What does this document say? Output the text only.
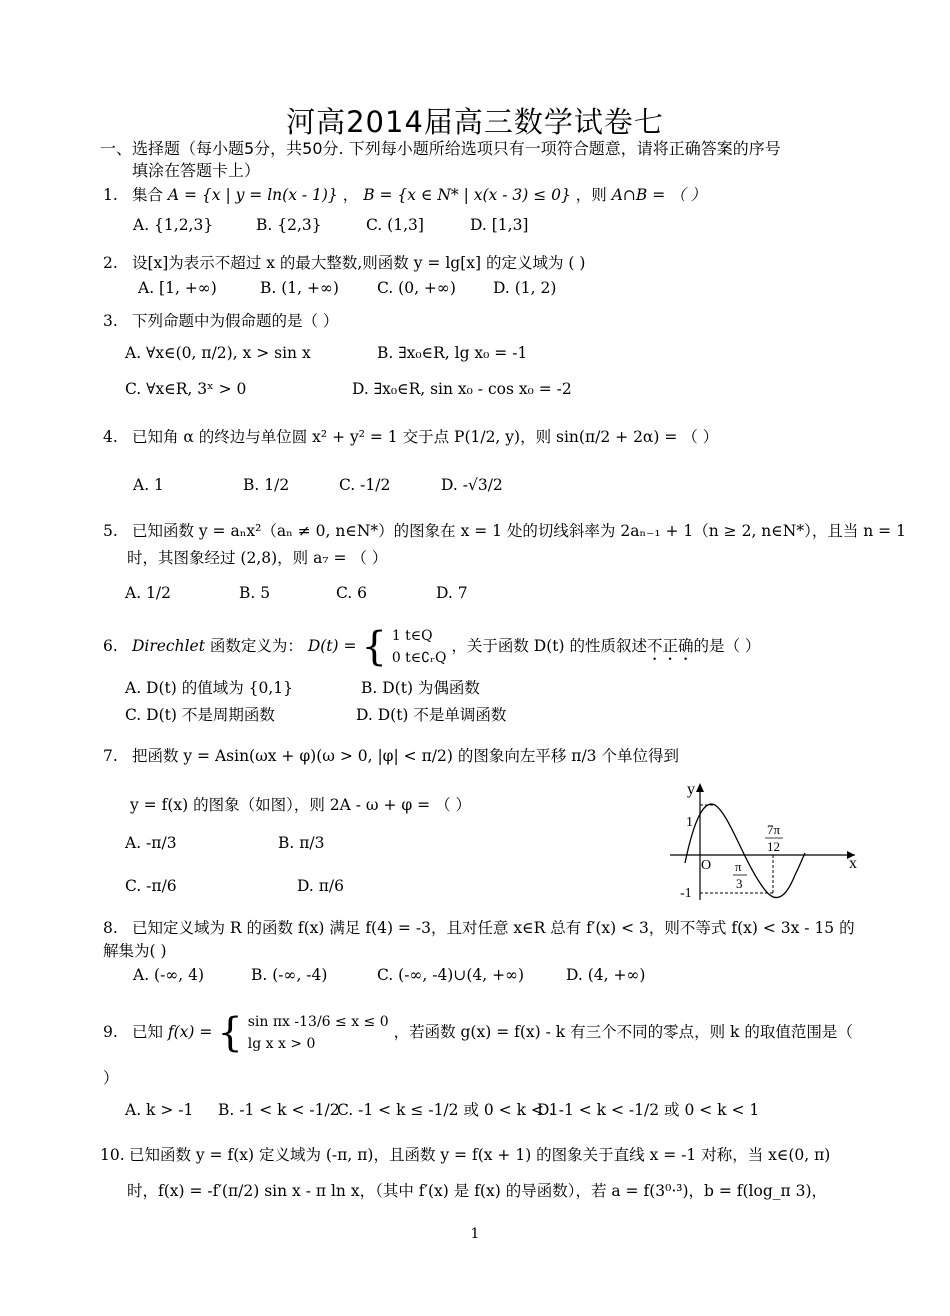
河高2014届高三数学试卷七
一、选择题（每小题5分，共50分. 下列每小题所给选项只有一项符合题意，请将正确答案的序号
填涂在答题卡上）
1. 集合 A = {x | y = ln(x - 1)} ， B = {x ∈ N* | x(x - 3) ≤ 0} ，则 A∩B = （ ）
A. {1,2,3}	B. {2,3}	C. (1,3]	D. [1,3]
2. 设[x]为表示不超过 x 的最大整数,则函数 y = lg[x] 的定义域为 ( )
A. [1, +∞)	B. (1, +∞) C. (0, +∞) D. (1, 2)
3. 下列命题中为假命题的是（ ）
A. ∀x∈(0, π/2), x > sin x	B. ∃x₀∈R, lg x₀ = -1
C. ∀x∈R, 3ˣ > 0	D. ∃x₀∈R, sin x₀ - cos x₀ = -2
4. 已知角 α 的终边与单位圆 x² + y² = 1 交于点 P(1/2, y)，则 sin(π/2 + 2α) = （ ）
A. 1	B. 1/2	C. -1/2	D. -√3/2
5. 已知函数 y = aₙx²（aₙ ≠ 0, n∈N*）的图象在 x = 1 处的切线斜率为 2aₙ₋₁ + 1（n ≥ 2, n∈N*），且当 n = 1
时，其图象经过 (2,8)，则 a₇ = （ ）
A. 1/2	B. 5	C. 6	D. 7
6. Direchlet 函数定义为： D(t) = { 1 t∈Q
0 t∈∁ᵣQ
，关于函数 D(t) 的性质叙述不正确的是（ ）
A. D(t) 的值域为 {0,1}	B. D(t) 为偶函数
C. D(t) 不是周期函数	D. D(t) 不是单调函数
7. 把函数 y = Asin(ωx + φ)(ω > 0, |φ| < π/2) 的图象向左平移 π/3 个单位得到
y = f(x) 的图象（如图），则 2A - ω + φ = （ ）
A. -π/3	B. π/3
C. -π/6	D. π/6
y
x
O
1
-1
π
3
7π
12
8. 已知定义域为 R 的函数 f(x) 满足 f(4) = -3，且对任意 x∈R 总有 f′(x) < 3，则不等式 f(x) < 3x - 15 的
解集为( )
A. (-∞, 4)	B. (-∞, -4)	C. (-∞, -4)∪(4, +∞)	D. (4, +∞)
9. 已知 f(x) = { sin πx -13/6 ≤ x ≤ 0
lg x x > 0
，若函数 g(x) = f(x) - k 有三个不同的零点，则 k 的取值范围是（
）
A. k > -1 B. -1 < k < -1/2
C. -1 < k ≤ -1/2 或 0 < k < 1
D. -1 < k < -1/2 或 0 < k < 1
10. 已知函数 y = f(x) 定义域为 (-π, π)，且函数 y = f(x + 1) 的图象关于直线 x = -1 对称，当 x∈(0, π)
时，f(x) = -f′(π/2) sin x - π ln x，（其中 f′(x) 是 f(x) 的导函数），若 a = f(3⁰·³)，b = f(log_π 3)，
1
